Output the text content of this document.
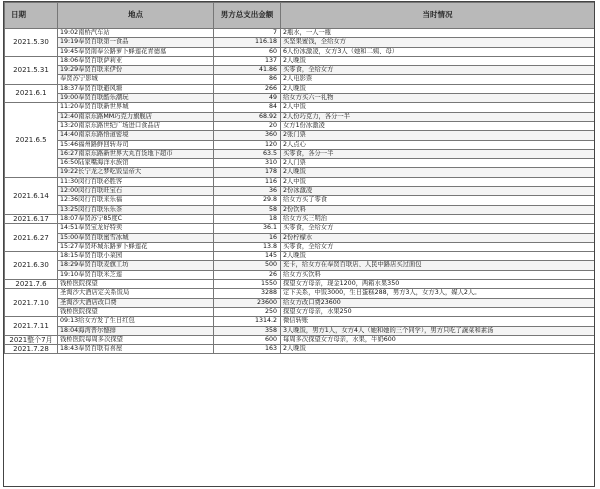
日期	地点	男方总支出金额	当时情况
2021.5.30	19:02南桥汽车站	7	2瓶水，一人一瓶
	19:19奉贤百联第一食品	116.18	买坚果蜜饯，全给女方
	19:45奉贤南奉公路萝卜蜂莲花青德墓	60	6人份冰激凌，女方3人（她和二姨、母）
2021.5.31	18:06奉贤百联萨莉亚	137	2人晚饭
	19:29奉贤百联来伊份	41.86	买零食，全给女方
	奉贤苏宁影城	86	2人电影票
2021.6.1	18:37奉贤百联避风塘	266	2人晚饭
	19:00奉贤百联酷乐潮玩	49	给女方买六一礼物
2021.6.5	11:20奉贤百联新世界城	84	2人中饭
	12:40南京东路MM巧克力旗舰店	68.92	2人份巧克力，各分一半
	13:20南京东路世纪广场进口食品店	20	女方1份冰激凌
	14:40南京东路悟道密境	360	2张门票
	15:46福州路鲜回转寿司	120	2人点心
	16:27南京东路新世界大丸百货地下超市	63.5	买零食，各分一半
	16:50陆家嘴海洋水族馆	310	2人门票
	19:22长宁龙之梦吃饭皇帝大	178	2人晚饭
2021.6.14	11:30闵行百联必胜客	116	2人中饭
	12:00闵行百联旺宝石	36	2份冰激凌
	12:36闵行百联来乐福	29.8	给女方买了零食
	13:25闵行百联乐乐茶	58	2份饮料
2021.6.17	18:07奉贤苏宁85度C	18	给女方买三明治
2021.6.27	14:51奉贤宝龙好特卖	36.1	买零食，全给女方
	15:00奉贤百联蜜雪冰城	16	2份柠檬水
	15:27奉贤环城东路萝卜蜂莲花	13.8	买零食，全给女方
2021.6.30	18:15奉贤百联小菜园	145	2人晚饭
	18:29奉贤百联麦旗工坊	500	充卡，给女方在奉贤百联店、人民中路店买过面包
	19:10奉贤百联米芝莲	26	给女方买饮料
2021.7.6	钱桥医院探望	1550	探望女方母亲，现金1200，两箱水果350
2021.7.10	圣淘沙大酒店定关系饭局	3288	定下关系，中饭3000，生日蛋糕288，男方3人，女方3人，媒人2人。
	圣淘沙大酒店改口费	23600	给女方改口费23600
	钱桥医院探望	250	探望女方母亲，水果250
2021.7.11	09:13给女方发了生日红包	1314.2	微信转账
	18:04海湾普尔憾排	358	3人晚饭，男方1人，女方4人（她和她的三个同学），男方只吃了蔬菜和素汤
2021整个7月	钱桥医院每周多次探望	600	每周多次探望女方母亲，水果，牛奶600
2021.7.28	18:43奉贤百联有喜屋	163	2人晚饭
